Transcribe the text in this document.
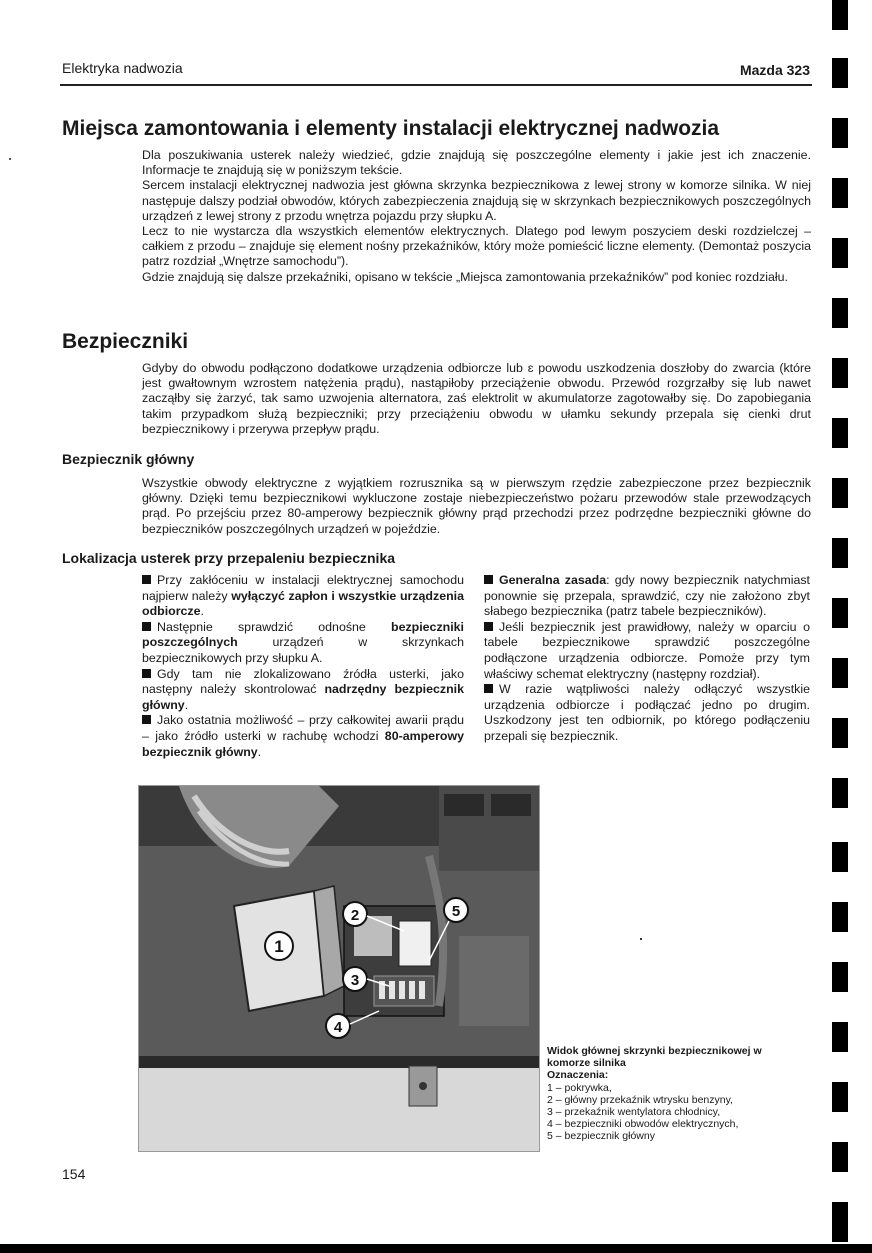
Elektryka nadwozia	Mazda 323
Miejsca zamontowania i elementy instalacji elektrycznej nadwozia

Dla poszukiwania usterek należy wiedzieć, gdzie znajdują się poszczególne elementy i jakie jest ich znaczenie. Informacje te znajdują się w poniższym tekście.

Sercem instalacji elektrycznej nadwozia jest główna skrzynka bezpiecznikowa z lewej strony w komorze silnika. W niej następuje dalszy podział obwodów, których zabezpieczenia znajdują się w skrzynkach bezpiecznikowych poszczególnych urządzeń z lewej strony z przodu wnętrza pojazdu przy słupku A.

Lecz to nie wystarcza dla wszystkich elementów elektrycznych. Dlatego pod lewym poszyciem deski rozdzielczej – całkiem z przodu – znajduje się element nośny przekaźników, który może pomieścić liczne elementy. (Demontaż poszycia patrz rozdział „Wnętrze samochodu”).

Gdzie znajdują się dalsze przekaźniki, opisano w tekście „Miejsca zamontowania przekaźników” pod koniec rozdziału.

Bezpieczniki
Gdyby do obwodu podłączono dodatkowe urządzenia odbiorcze lub ɛ powodu uszkodzenia doszłoby do zwarcia (które jest gwałtownym wzrostem natężenia prądu), nastąpiłoby przeciążenie obwodu. Przewód rozgrzałby się lub nawet zacząłby się żarzyć, tak samo uzwojenia alternatora, zaś elektrolit w akumulatorze zagotowałby się. Do zapobiegania takim przypadkom służą bezpieczniki; przy przeciążeniu obwodu w ułamku sekundy przepala się cienki drut bezpiecznikowy i przerywa przepływ prądu.
Bezpiecznik główny
Wszystkie obwody elektryczne z wyjątkiem rozrusznika są w pierwszym rzędzie zabezpieczone przez bezpiecznik główny. Dzięki temu bezpiecznikowi wykluczone zostaje niebezpieczeństwo pożaru przewodów stale przewodzących prąd. Po przejściu przez 80-amperowy bezpiecznik główny prąd przechodzi przez podrzędne bezpieczniki główne do bezpieczników poszczególnych urządzeń w pojeździe.
Lokalizacja usterek przy przepaleniu bezpiecznika

Przy zakłóceniu w instalacji elektrycznej samochodu najpierw należy wyłączyć zapłon i wszystkie urządzenia odbiorcze.

Następnie sprawdzić odnośne bezpieczniki poszczególnych urządzeń w skrzynkach bezpiecznikowych przy słupku A.

Gdy tam nie zlokalizowano źródła usterki, jako następny należy skontrolować nadrzędny bezpiecznik główny.

Jako ostatnia możliwość – przy całkowitej awarii prądu – jako źródło usterki w rachubę wchodzi 80-amperowy bezpiecznik główny.

Generalna zasada: gdy nowy bezpiecznik natychmiast ponownie się przepala, sprawdzić, czy nie założono zbyt słabego bezpiecznika (patrz tabele bezpieczników).

Jeśli bezpiecznik jest prawidłowy, należy w oparciu o tabele bezpiecznikowe sprawdzić poszczególne podłączone urządzenia odbiorcze. Pomoże przy tym właściwy schemat elektryczny (następny rozdział).

W razie wątpliwości należy odłączyć wszystkie urządzenia odbiorcze i podłączać jedno po drugim. Uszkodzony jest ten odbiornik, po którego podłączeniu przepali się bezpiecznik.

1
2
3
4
5
Widok głównej skrzynki bezpiecznikowej w komorze silnika
Oznaczenia:

1 – pokrywka,

2 – główny przekaźnik wtrysku benzyny,

3 – przekaźnik wentylatora chłodnicy,

4 – bezpieczniki obwodów elektrycznych,

5 – bezpiecznik główny

154
